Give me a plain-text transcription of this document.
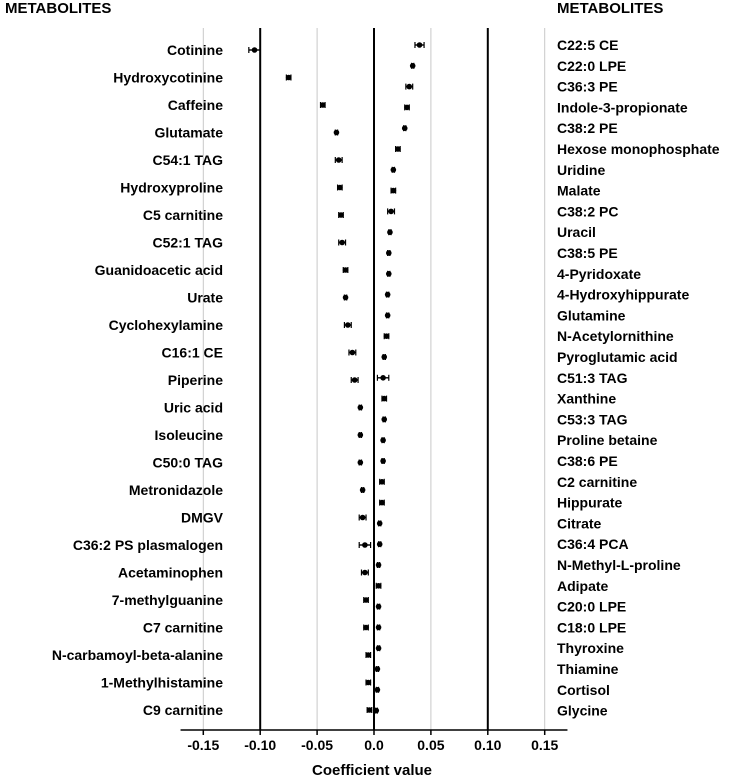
METABOLITES	METABOLITES
-0.15 -0.10 -0.05 0.0 0.05 0.10 0.15
Cotinine
Hydroxycotinine
Caffeine
Glutamate
C54:1 TAG
Hydroxyproline
C5 carnitine
C52:1 TAG
Guanidoacetic acid
Urate
Cyclohexylamine
C16:1 CE
Piperine
Uric acid
Isoleucine
C50:0 TAG
Metronidazole
DMGV
C36:2 PS plasmalogen
Acetaminophen
7-methylguanine
C7 carnitine
N-carbamoyl-beta-alanine
1-Methylhistamine
C9 carnitine
C22:5 CE
C22:0 LPE
C36:3 PE
Indole-3-propionate
C38:2 PE
Hexose monophosphate
Uridine
Malate
C38:2 PC
Uracil
C38:5 PE
4-Pyridoxate
4-Hydroxyhippurate
Glutamine
N-Acetylornithine
Pyroglutamic acid
C51:3 TAG
Xanthine
C53:3 TAG
Proline betaine
C38:6 PE
C2 carnitine
Hippurate
Citrate
C36:4 PCA
N-Methyl-L-proline
Adipate
C20:0 LPE
C18:0 LPE
Thyroxine
Thiamine
Cortisol
Glycine
Coefficient value
